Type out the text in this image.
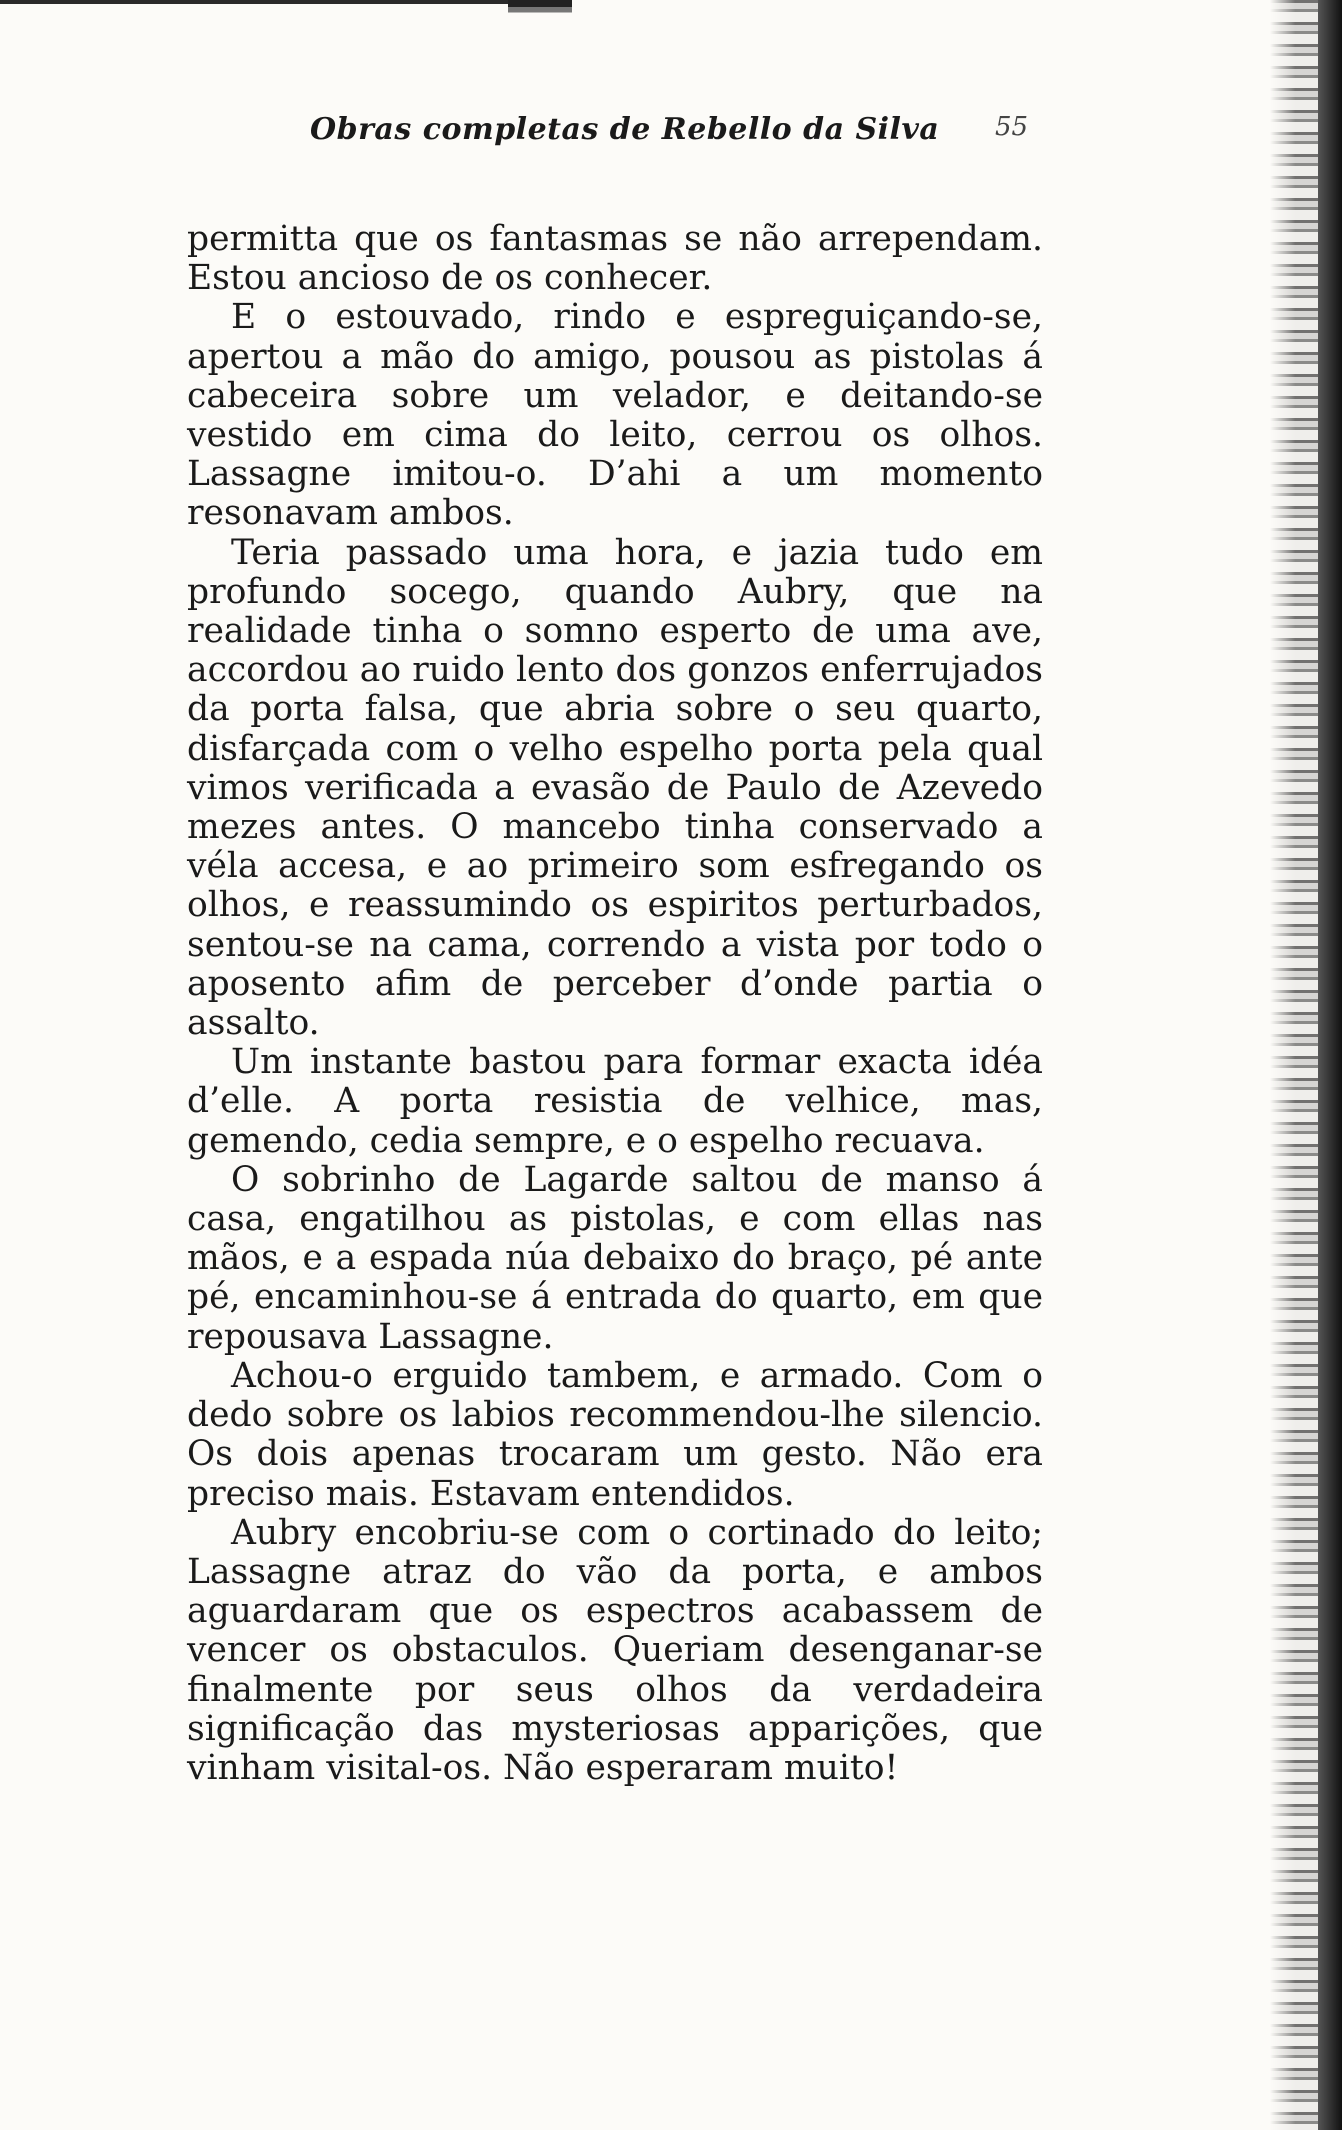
Obras completas de Rebello da Silva 55

permitta que os fantasmas se não arrependam. Estou ancioso de os conhecer.

E o estouvado, rindo e espreguiçando-se, apertou a mão do amigo, pousou as pistolas á cabeceira sobre um velador, e deitando-se vestido em cima do leito, cerrou os olhos. Lassagne imitou-o. D’ahi a um momento resonavam ambos.

Teria passado uma hora, e jazia tudo em profundo socego, quando Aubry, que na realidade tinha o somno esperto de uma ave, accordou ao ruido lento dos gonzos enferrujados da porta falsa, que abria sobre o seu quarto, disfarçada com o velho espelho porta pela qual vimos verificada a evasão de Paulo de Azevedo mezes antes. O mancebo tinha conservado a véla accesa, e ao primeiro som esfregando os olhos, e reassumindo os espiritos perturbados, sentou-se na cama, correndo a vista por todo o aposento afim de perceber d’onde partia o assalto.

Um instante bastou para formar exacta idéa d’elle. A porta resistia de velhice, mas, gemendo, cedia sempre, e o espelho recuava.

O sobrinho de Lagarde saltou de manso á casa, engatilhou as pistolas, e com ellas nas mãos, e a espada núa debaixo do braço, pé ante pé, encaminhou-se á entrada do quarto, em que repousava Lassagne.

Achou-o erguido tambem, e armado. Com o dedo sobre os labios recommendou-lhe silencio. Os dois apenas trocaram um gesto. Não era preciso mais. Estavam entendidos.

Aubry encobriu-se com o cortinado do leito; Lassagne atraz do vão da porta, e ambos aguardaram que os espectros acabassem de vencer os obstaculos. Queriam desenganar-se finalmente por seus olhos da verdadeira significação das mysteriosas apparições, que vinham visital-os. Não esperaram muito!
